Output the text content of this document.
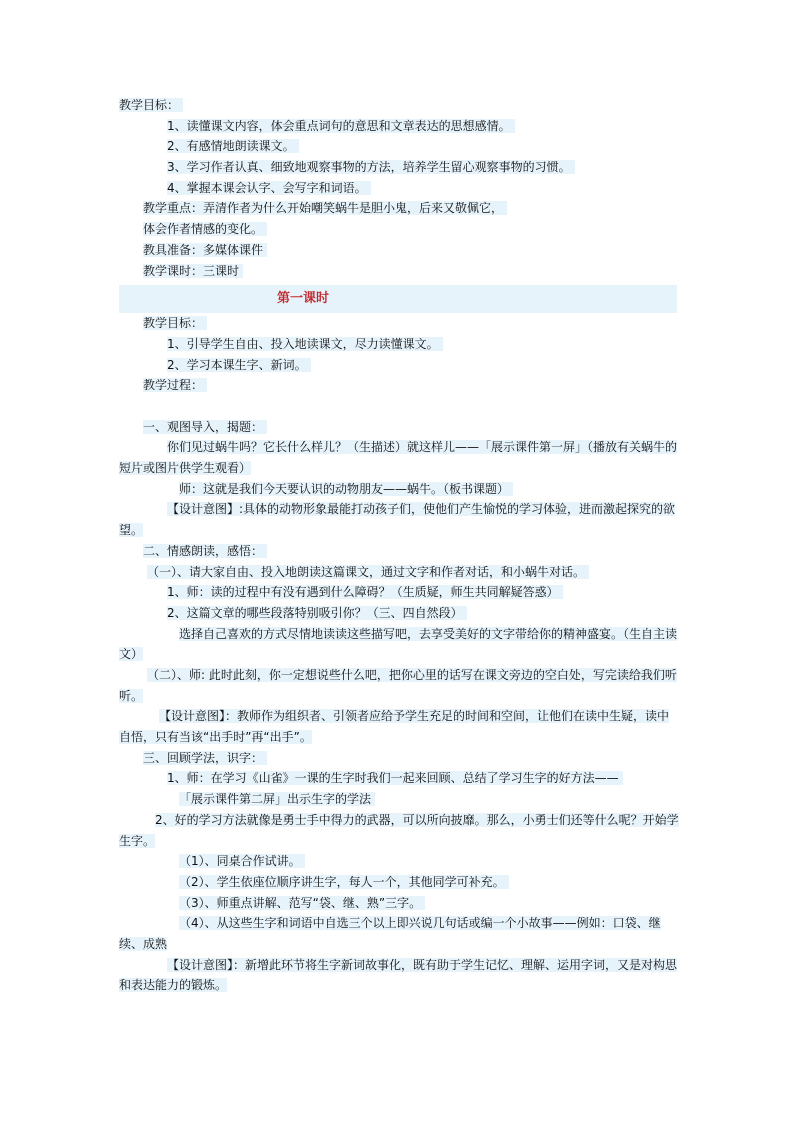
教学目标：
1、读懂课文内容，体会重点词句的意思和文章表达的思想感情。
2、有感情地朗读课文。
3、学习作者认真、细致地观察事物的方法，培养学生留心观察事物的习惯。
4、掌握本课会认字、会写字和词语。
教学重点：弄清作者为什么开始嘲笑蜗牛是胆小鬼，后来又敬佩它，
体会作者情感的变化。
教具准备：多媒体课件
教学课时：三课时
第一课时
教学目标：
1、引导学生自由、投入地读课文，尽力读懂课文。
2、学习本课生字、新词。
教学过程：
一、观图导入，揭题：
你们见过蜗牛吗？它长什么样儿？（生描述）就这样儿——「展示课件第一屏」（播放有关蜗牛的短片或图片供学生观看）
师：这就是我们今天要认识的动物朋友——蜗牛。（板书课题）
【设计意图】:具体的动物形象最能打动孩子们，使他们产生愉悦的学习体验，进而激起探究的欲望。
二、情感朗读，感悟：
（一）、请大家自由、投入地朗读这篇课文，通过文字和作者对话，和小蜗牛对话。
1、师：读的过程中有没有遇到什么障碍？（生质疑，师生共同解疑答惑）
2、这篇文章的哪些段落特别吸引你？（三、四自然段）
选择自己喜欢的方式尽情地读读这些描写吧，去享受美好的文字带给你的精神盛宴。（生自主读文）
（二）、师: 此时此刻，你一定想说些什么吧，把你心里的话写在课文旁边的空白处，写完读给我们听听。
【设计意图】：教师作为组织者、引领者应给予学生充足的时间和空间，让他们在读中生疑，读中自悟，只有当该“出手时”再“出手”。
三、回顾学法，识字：
1、师：在学习《山雀》一课的生字时我们一起来回顾、总结了学习生字的好方法——
「展示课件第二屏」出示生字的学法
2、好的学习方法就像是勇士手中得力的武器，可以所向披靡。那么，小勇士们还等什么呢？开始学生字。
（1）、同桌合作试讲。
（2）、学生依座位顺序讲生字，每人一个，其他同学可补充。
（3）、师重点讲解、范写“袋、继、熟”三字。
（4）、从这些生字和词语中自选三个以上即兴说几句话或编一个小故事——例如：口袋、继续、成熟
【设计意图】：新增此环节将生字新词故事化，既有助于学生记忆、理解、运用字词，又是对构思和表达能力的锻炼。
